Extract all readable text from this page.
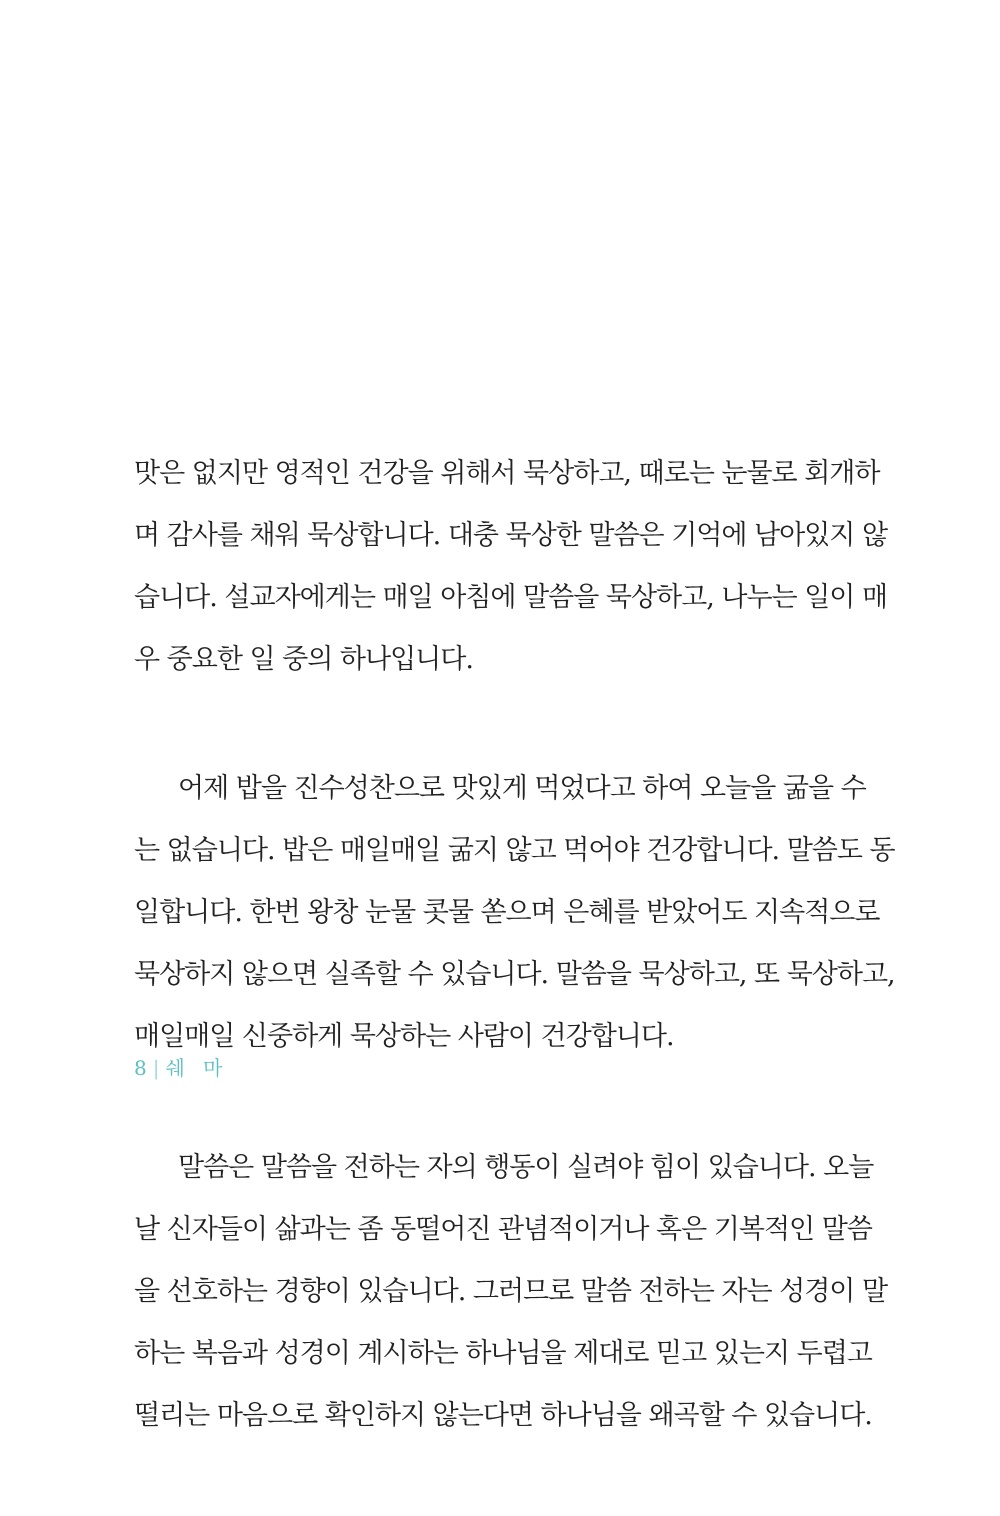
맛은 없지만 영적인 건강을 위해서 묵상하고, 때로는 눈물로 회개하
며 감사를 채워 묵상합니다. 대충 묵상한 말씀은 기억에 남아있지 않
습니다. 설교자에게는 매일 아침에 말씀을 묵상하고, 나누는 일이 매
우 중요한 일 중의 하나입니다.
어제 밥을 진수성찬으로 맛있게 먹었다고 하여 오늘을 굶을 수
는 없습니다. 밥은 매일매일 굶지 않고 먹어야 건강합니다. 말씀도 동
일합니다. 한번 왕창 눈물 콧물 쏟으며 은혜를 받았어도 지속적으로
묵상하지 않으면 실족할 수 있습니다. 말씀을 묵상하고, 또 묵상하고,
매일매일 신중하게 묵상하는 사람이 건강합니다.
말씀은 말씀을 전하는 자의 행동이 실려야 힘이 있습니다. 오늘
날 신자들이 삶과는 좀 동떨어진 관념적이거나 혹은 기복적인 말씀
을 선호하는 경향이 있습니다. 그러므로 말씀 전하는 자는 성경이 말
하는 복음과 성경이 계시하는 하나님을 제대로 믿고 있는지 두렵고
떨리는 마음으로 확인하지 않는다면 하나님을 왜곡할 수 있습니다.
8 | 쉐 마
